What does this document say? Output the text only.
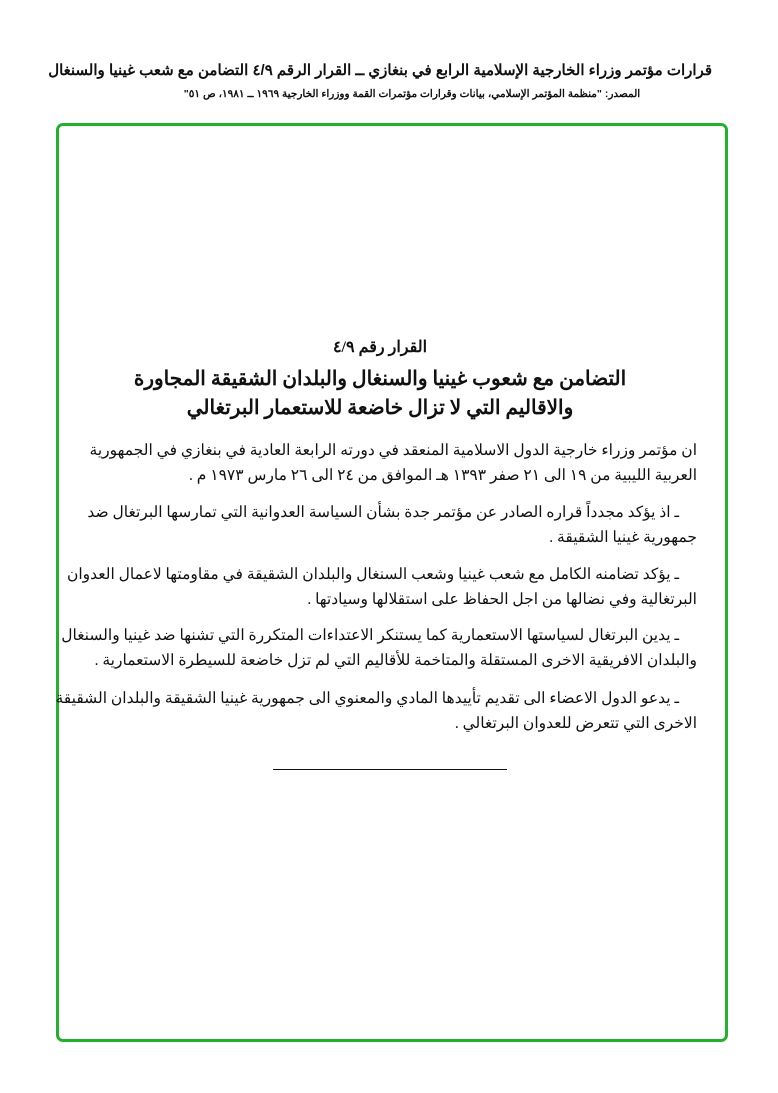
قرارات مؤتمر وزراء الخارجية الإسلامية الرابع في بنغازي ــ القرار الرقم ٤/٩ التضامن مع شعب غينيا والسنغال
المصدر: "منظمة المؤتمر الإسلامي، بيانات وقرارات مؤتمرات القمة ووزراء الخارجية ١٩٦٩ ــ ١٩٨١، ص ٥١"
القرار رقم ٤/٩
التضامن مع شعوب غينيا والسنغال والبلدان الشقيقة المجاورة
والاقاليم التي لا تزال خاضعة للاستعمار البرتغالي
ان مؤتمر وزراء خارجية الدول الاسلامية المنعقد في دورته الرابعة العادية في بنغازي في الجمهورية
العربية الليبية من ١٩ الى ٢١ صفر ١٣٩٣ هـ الموافق من ٢٤ الى ٢٦ مارس ١٩٧٣ م .
ـ اذ يؤكد مجدداً قراره الصادر عن مؤتمر جدة بشأن السياسة العدوانية التي تمارسها البرتغال ضد
جمهورية غينيا الشقيقة .
ـ يؤكد تضامنه الكامل مع شعب غينيا وشعب السنغال والبلدان الشقيقة في مقاومتها لاعمال العدوان
البرتغالية وفي نضالها من اجل الحفاظ على استقلالها وسيادتها .
ـ يدين البرتغال لسياستها الاستعمارية كما يستنكر الاعتداءات المتكررة التي تشنها ضد غينيا والسنغال
والبلدان الافريقية الاخرى المستقلة والمتاخمة للأقاليم التي لم تزل خاضعة للسيطرة الاستعمارية .
ـ يدعو الدول الاعضاء الى تقديم تأييدها المادي والمعنوي الى جمهورية غينيا الشقيقة والبلدان الشقيقة
الاخرى التي تتعرض للعدوان البرتغالي .
